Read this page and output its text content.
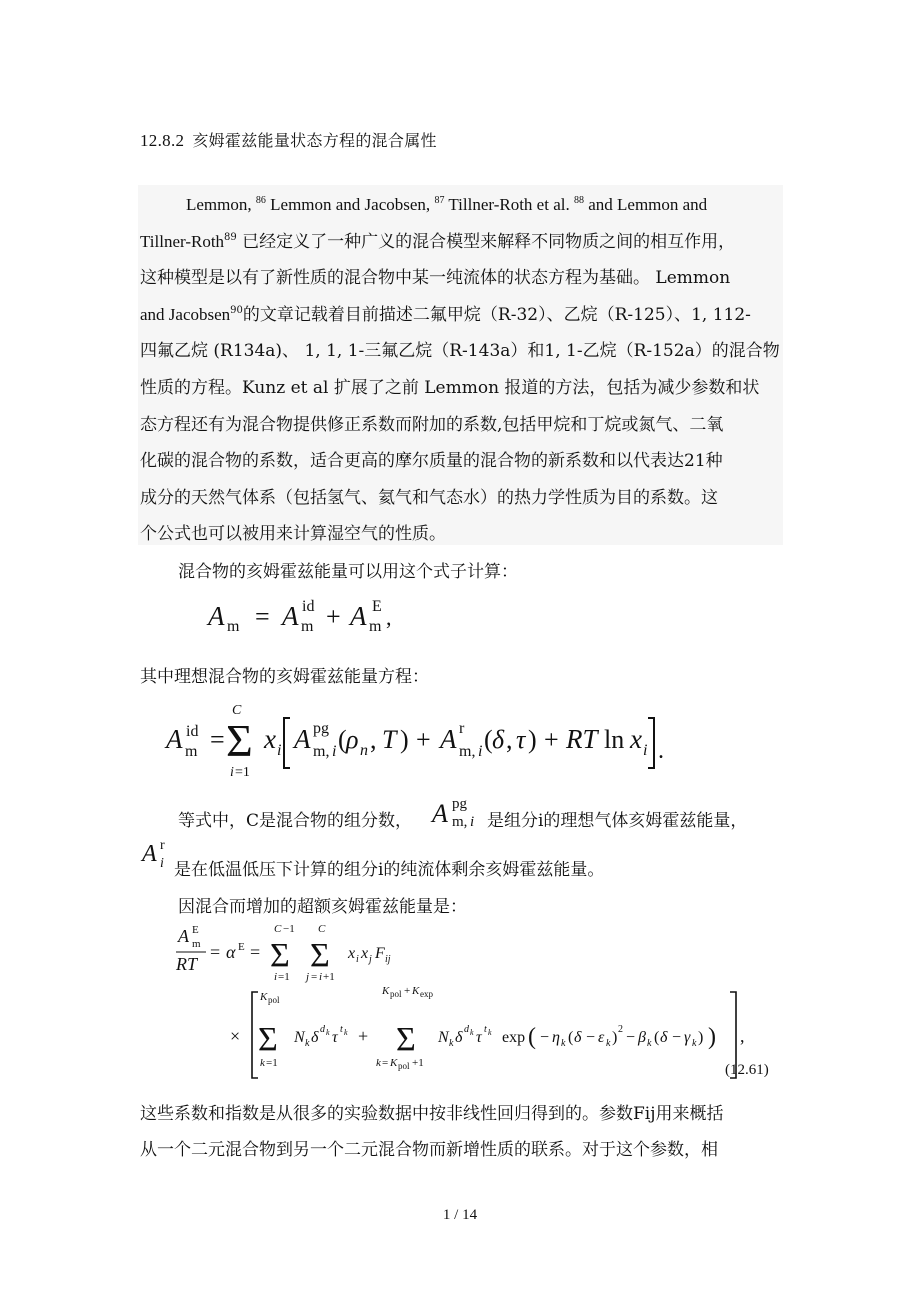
12.8.2 亥姆霍兹能量状态方程的混合属性
Lemmon, $^{86}$ Lemmon and Jacobsen, $^{87}$ Tillner-Roth et al. $^{88}$ and Lemmon and
Tillner-Roth$^{89}$ 已经定义了一种广义的混合模型来解释不同物质之间的相互作用，
这种模型是以有了新性质的混合物中某一纯流体的状态方程为基础。 Lemmon
and Jacobsen$^{90}$的文章记载着目前描述二氟甲烷（R-32）、乙烷（R-125）、1, 112-
四氟乙烷 (R134a)、 1, 1, 1-三氟乙烷（R-143a）和1, 1-乙烷（R-152a）的混合物
性质的方程。Kunz et al 扩展了之前 Lemmon 报道的方法，包括为减少参数和状
态方程还有为混合物提供修正系数而附加的系数,包括甲烷和丁烷或氮气、二氧
化碳的混合物的系数，适合更高的摩尔质量的混合物的新系数和以代表达21种
成分的天然气体系（包括氢气、氦气和气态水）的热力学性质为目的系数。这
个公式也可以被用来计算湿空气的性质。
混合物的亥姆霍兹能量可以用这个式子计算：
A m = A m
id + A m
E ,
其中理想混合物的亥姆霍兹能量方程：
A m
id =
C
Σ
i =1
x i A pg
m, i ( ρ n , T ) + A r
m, i ( δ , τ ) + RT ln x i .
等式中，C是混合物的组分数， A pg
m, i 是组分i的理想气体亥姆霍兹能量，
A r
i 是在低温低压下计算的组分i的纯流体剩余亥姆霍兹能量。
因混合而增加的超额亥姆霍兹能量是：
A m
E
RT
= α E =
C −1
Σ
i =1
C
Σ
j = i +1
x i x j F ij
×
K pol
Σ
k =1
N k δ d k τ t k +
K pol + K exp
Σ
k = K pol +1
N k δ d k τ t k exp ( − η k ( δ − ε k ) 2 − β k ( δ − γ k ) ) ,
(12.61)
这些系数和指数是从很多的实验数据中按非线性回归得到的。参数Fij用来概括
从一个二元混合物到另一个二元混合物而新增性质的联系。对于这个参数，相
1 / 14
